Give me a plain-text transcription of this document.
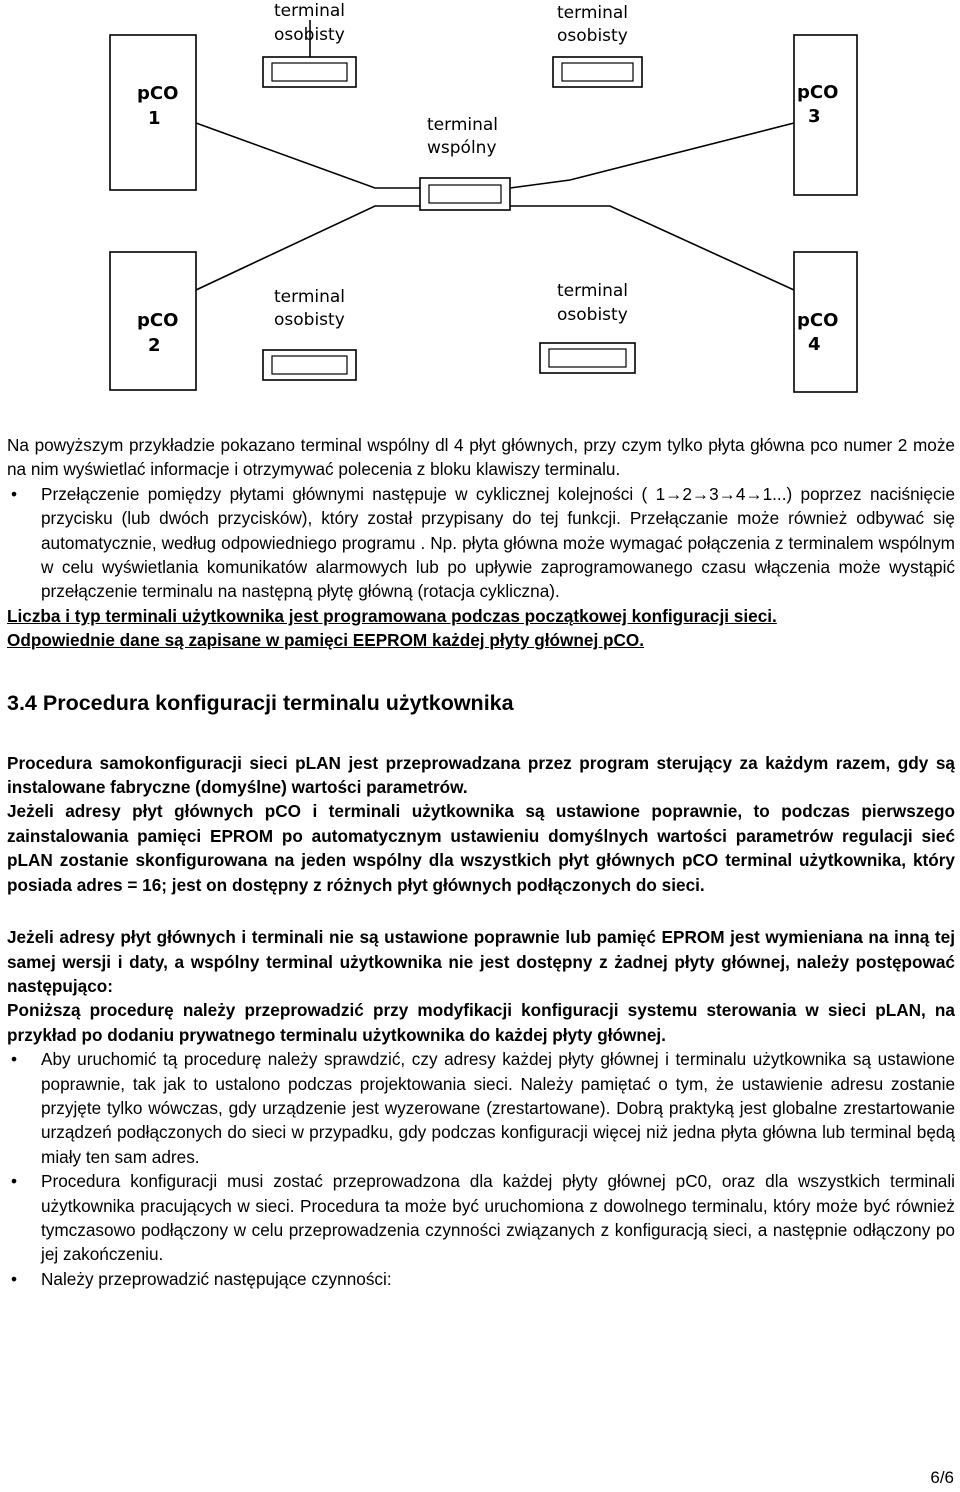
pCO
1
pCO
2
pCO
3
pCO
4
terminal
osobisty
terminal
osobisty
terminal
wspólny
terminal
osobisty
terminal
osobisty

Na powyższym przykładzie pokazano terminal wspólny dl 4 płyt głównych, przy czym tylko płyta główna pco numer 2 może na nim wyświetlać informacje i otrzymywać polecenia z bloku klawiszy terminalu.

• Przełączenie pomiędzy płytami głównymi następuje w cyklicznej kolejności ( 1→2→3→4→1...) poprzez naciśnięcie przycisku (lub dwóch przycisków), który został przypisany do tej funkcji. Przełączanie może również odbywać się automatycznie, według odpowiedniego programu . Np. płyta główna może wymagać połączenia z terminalem wspólnym w celu wyświetlania komunikatów alarmowych lub po upływie zaprogramowanego czasu włączenia może wystąpić przełączenie terminalu na następną płytę główną (rotacja cykliczna).

Liczba i typ terminali użytkownika jest programowana podczas początkowej konfiguracji sieci.

Odpowiednie dane są zapisane w pamięci EEPROM każdej płyty głównej pCO.

3.4 Procedura konfiguracji terminalu użytkownika

Procedura samokonfiguracji sieci pLAN jest przeprowadzana przez program sterujący za każdym razem, gdy są instalowane fabryczne (domyślne) wartości parametrów.

Jeżeli adresy płyt głównych pCO i terminali użytkownika są ustawione poprawnie, to podczas pierwszego zainstalowania pamięci EPROM po automatycznym ustawieniu domyślnych wartości parametrów regulacji sieć pLAN zostanie skonfigurowana na jeden wspólny dla wszystkich płyt głównych pCO terminal użytkownika, który posiada adres = 16; jest on dostępny z różnych płyt głównych podłączonych do sieci.

Jeżeli adresy płyt głównych i terminali nie są ustawione poprawnie lub pamięć EPROM jest wymieniana na inną tej samej wersji i daty, a wspólny terminal użytkownika nie jest dostępny z żadnej płyty głównej, należy postępować następująco:

Poniższą procedurę należy przeprowadzić przy modyfikacji konfiguracji systemu sterowania w sieci pLAN, na przykład po dodaniu prywatnego terminalu użytkownika do każdej płyty głównej.

• Aby uruchomić tą procedurę należy sprawdzić, czy adresy każdej płyty głównej i terminalu użytkownika są ustawione poprawnie, tak jak to ustalono podczas projektowania sieci. Należy pamiętać o tym, że ustawienie adresu zostanie przyjęte tylko wówczas, gdy urządzenie jest wyzerowane (zrestartowane). Dobrą praktyką jest globalne zrestartowanie urządzeń podłączonych do sieci w przypadku, gdy podczas konfiguracji więcej niż jedna płyta główna lub terminal będą miały ten sam adres.
• Procedura konfiguracji musi zostać przeprowadzona dla każdej płyty głównej pC0, oraz dla wszystkich terminali użytkownika pracujących w sieci. Procedura ta może być uruchomiona z dowolnego terminalu, który może być również tymczasowo podłączony w celu przeprowadzenia czynności związanych z konfiguracją sieci, a następnie odłączony po jej zakończeniu.
• Należy przeprowadzić następujące czynności:
6/6
